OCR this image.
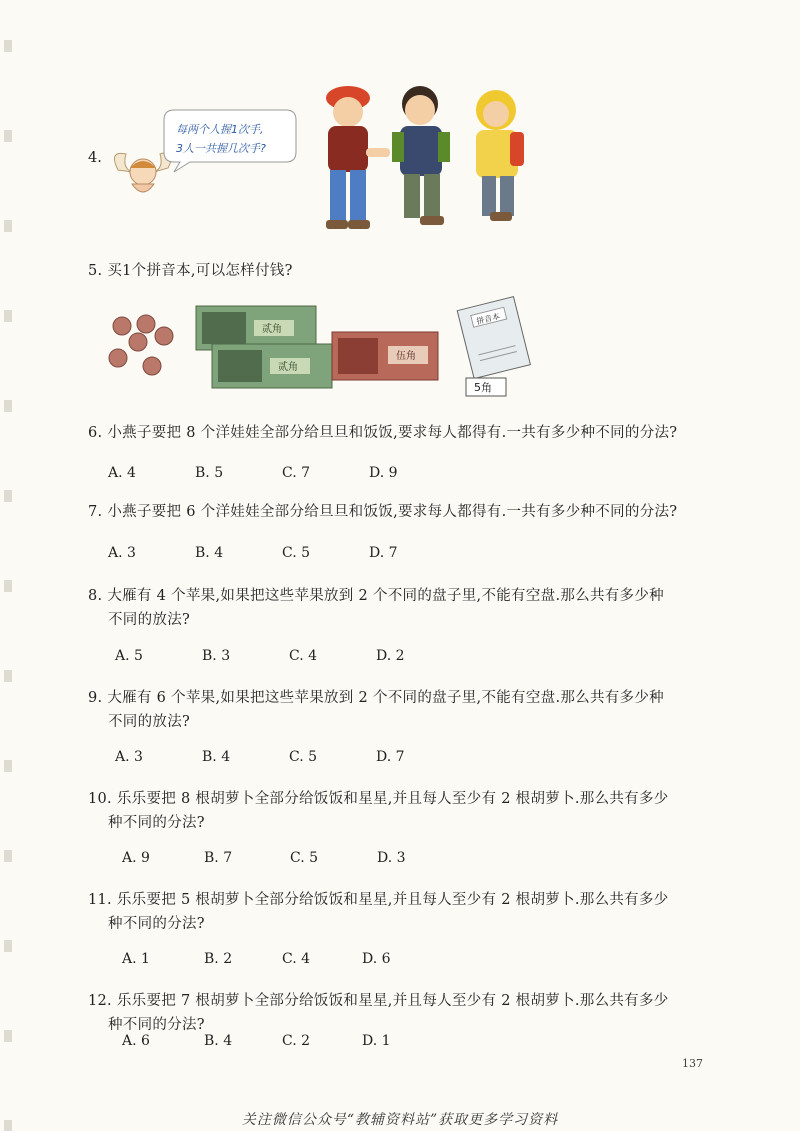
4.
每两个人握1次手,
3人一共握几次手?
5. 买1个拼音本,可以怎样付钱?
贰角
贰角
伍角
拼音本
5角
6. 小燕子要把 8 个洋娃娃全部分给旦旦和饭饭,要求每人都得有.一共有多少种不同的分法?
A. 4	B. 5	C. 7	D. 9
7. 小燕子要把 6 个洋娃娃全部分给旦旦和饭饭,要求每人都得有.一共有多少种不同的分法?
A. 3	B. 4	C. 5	D. 7
8. 大雁有 4 个苹果,如果把这些苹果放到 2 个不同的盘子里,不能有空盘.那么共有多少种
不同的放法?
A. 5	B. 3	C. 4	D. 2
9. 大雁有 6 个苹果,如果把这些苹果放到 2 个不同的盘子里,不能有空盘.那么共有多少种
不同的放法?
A. 3	B. 4	C. 5	D. 7
10. 乐乐要把 8 根胡萝卜全部分给饭饭和星星,并且每人至少有 2 根胡萝卜.那么共有多少
种不同的分法?
A. 9	B. 7	C. 5	D. 3
11. 乐乐要把 5 根胡萝卜全部分给饭饭和星星,并且每人至少有 2 根胡萝卜.那么共有多少
种不同的分法?
A. 1	B. 2	C. 4	D. 6
12. 乐乐要把 7 根胡萝卜全部分给饭饭和星星,并且每人至少有 2 根胡萝卜.那么共有多少
种不同的分法?
A. 6	B. 4	C. 2	D. 1
137
关注微信公众号“教辅资料站”获取更多学习资料
